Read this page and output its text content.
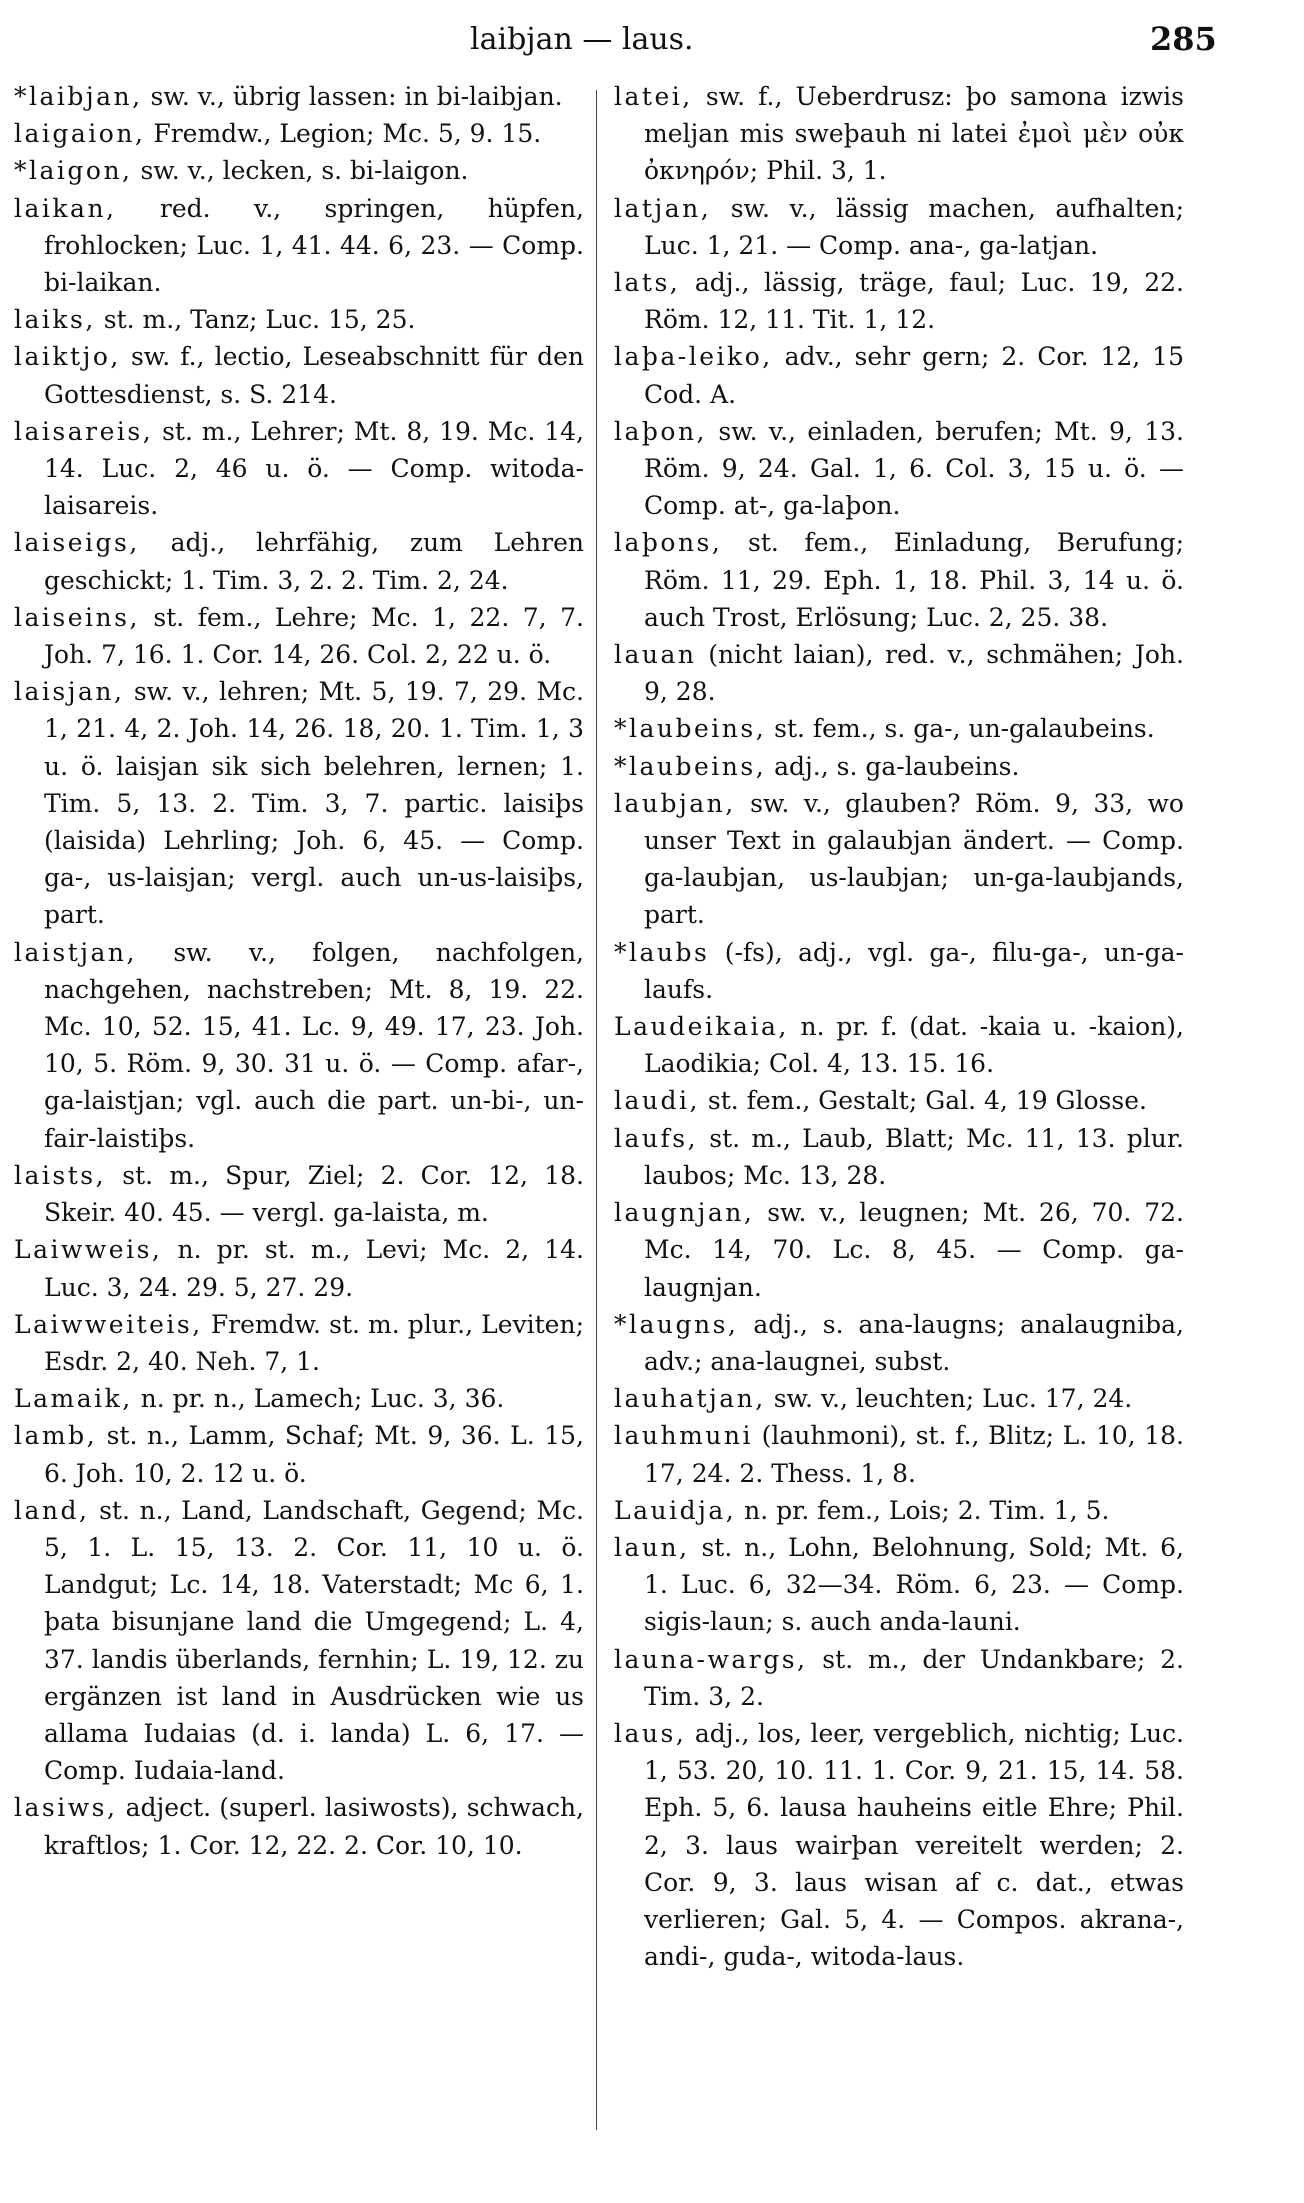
laibjan — laus.	285

*laibjan, sw. v., übrig lassen: in bi-laibjan.

laigaion, Fremdw., Legion; Mc. 5, 9. 15.

*laigon, sw. v., lecken, s. bi-laigon.

laikan, red. v., springen, hüpfen, frohlocken; Luc. 1, 41. 44. 6, 23. — Comp. bi-laikan.

laiks, st. m., Tanz; Luc. 15, 25.

laiktjo, sw. f., lectio, Leseabschnitt für den Gottesdienst, s. S. 214.

laisareis, st. m., Lehrer; Mt. 8, 19. Mc. 14, 14. Luc. 2, 46 u. ö. — Comp. witoda-laisareis.

laiseigs, adj., lehrfähig, zum Lehren geschickt; 1. Tim. 3, 2. 2. Tim. 2, 24.

laiseins, st. fem., Lehre; Mc. 1, 22. 7, 7. Joh. 7, 16. 1. Cor. 14, 26. Col. 2, 22 u. ö.

laisjan, sw. v., lehren; Mt. 5, 19. 7, 29. Mc. 1, 21. 4, 2. Joh. 14, 26. 18, 20. 1. Tim. 1, 3 u. ö. laisjan sik sich belehren, lernen; 1. Tim. 5, 13. 2. Tim. 3, 7. partic. laisiþs (laisida) Lehrling; Joh. 6, 45. — Comp. ga-, us-laisjan; vergl. auch un-us-laisiþs, part.

laistjan, sw. v., folgen, nachfolgen, nachgehen, nachstreben; Mt. 8, 19. 22. Mc. 10, 52. 15, 41. Lc. 9, 49. 17, 23. Joh. 10, 5. Röm. 9, 30. 31 u. ö. — Comp. afar-, ga-laistjan; vgl. auch die part. un-bi-, un-fair-laistiþs.

laists, st. m., Spur, Ziel; 2. Cor. 12, 18. Skeir. 40. 45. — vergl. ga-laista, m.

Laiwweis, n. pr. st. m., Levi; Mc. 2, 14. Luc. 3, 24. 29. 5, 27. 29.

Laiwweiteis, Fremdw. st. m. plur., Leviten; Esdr. 2, 40. Neh. 7, 1.

Lamaik, n. pr. n., Lamech; Luc. 3, 36.

lamb, st. n., Lamm, Schaf; Mt. 9, 36. L. 15, 6. Joh. 10, 2. 12 u. ö.

land, st. n., Land, Landschaft, Gegend; Mc. 5, 1. L. 15, 13. 2. Cor. 11, 10 u. ö. Landgut; Lc. 14, 18. Vaterstadt; Mc 6, 1. þata bisunjane land die Umgegend; L. 4, 37. landis überlands, fernhin; L. 19, 12. zu ergänzen ist land in Ausdrücken wie us allama Iudaias (d. i. landa) L. 6, 17. — Comp. Iudaia-land.

lasiws, adject. (superl. lasiwosts), schwach, kraftlos; 1. Cor. 12, 22. 2. Cor. 10, 10.

latei, sw. f., Ueberdrusz: þo samona izwis meljan mis sweþauh ni latei ἐμοὶ μὲν οὐκ ὀκνηρόν; Phil. 3, 1.

latjan, sw. v., lässig machen, aufhalten; Luc. 1, 21. — Comp. ana-, ga-latjan.

lats, adj., lässig, träge, faul; Luc. 19, 22. Röm. 12, 11. Tit. 1, 12.

laþa-leiko, adv., sehr gern; 2. Cor. 12, 15 Cod. A.

laþon, sw. v., einladen, berufen; Mt. 9, 13. Röm. 9, 24. Gal. 1, 6. Col. 3, 15 u. ö. — Comp. at-, ga-laþon.

laþons, st. fem., Einladung, Berufung; Röm. 11, 29. Eph. 1, 18. Phil. 3, 14 u. ö. auch Trost, Erlösung; Luc. 2, 25. 38.

lauan (nicht laian), red. v., schmähen; Joh. 9, 28.

*laubeins, st. fem., s. ga-, un-galaubeins.

*laubeins, adj., s. ga-laubeins.

laubjan, sw. v., glauben? Röm. 9, 33, wo unser Text in galaubjan ändert. — Comp. ga-laubjan, us-laubjan; un-ga-laubjands, part.

*laubs (-fs), adj., vgl. ga-, filu-ga-, un-ga-laufs.

Laudeikaia, n. pr. f. (dat. -kaia u. -kaion), Laodikia; Col. 4, 13. 15. 16.

laudi, st. fem., Gestalt; Gal. 4, 19 Glosse.

laufs, st. m., Laub, Blatt; Mc. 11, 13. plur. laubos; Mc. 13, 28.

laugnjan, sw. v., leugnen; Mt. 26, 70. 72. Mc. 14, 70. Lc. 8, 45. — Comp. ga-laugnjan.

*laugns, adj., s. ana-laugns; analaugniba, adv.; ana-laugnei, subst.

lauhatjan, sw. v., leuchten; Luc. 17, 24.

lauhmuni (lauhmoni), st. f., Blitz; L. 10, 18. 17, 24. 2. Thess. 1, 8.

Lauidja, n. pr. fem., Lois; 2. Tim. 1, 5.

laun, st. n., Lohn, Belohnung, Sold; Mt. 6, 1. Luc. 6, 32—34. Röm. 6, 23. — Comp. sigis-laun; s. auch anda-launi.

launa-wargs, st. m., der Undankbare; 2. Tim. 3, 2.

laus, adj., los, leer, vergeblich, nichtig; Luc. 1, 53. 20, 10. 11. 1. Cor. 9, 21. 15, 14. 58. Eph. 5, 6. lausa hauheins eitle Ehre; Phil. 2, 3. laus wairþan vereitelt werden; 2. Cor. 9, 3. laus wisan af c. dat., etwas verlieren; Gal. 5, 4. — Compos. akrana-, andi-, guda-, witoda-laus.
